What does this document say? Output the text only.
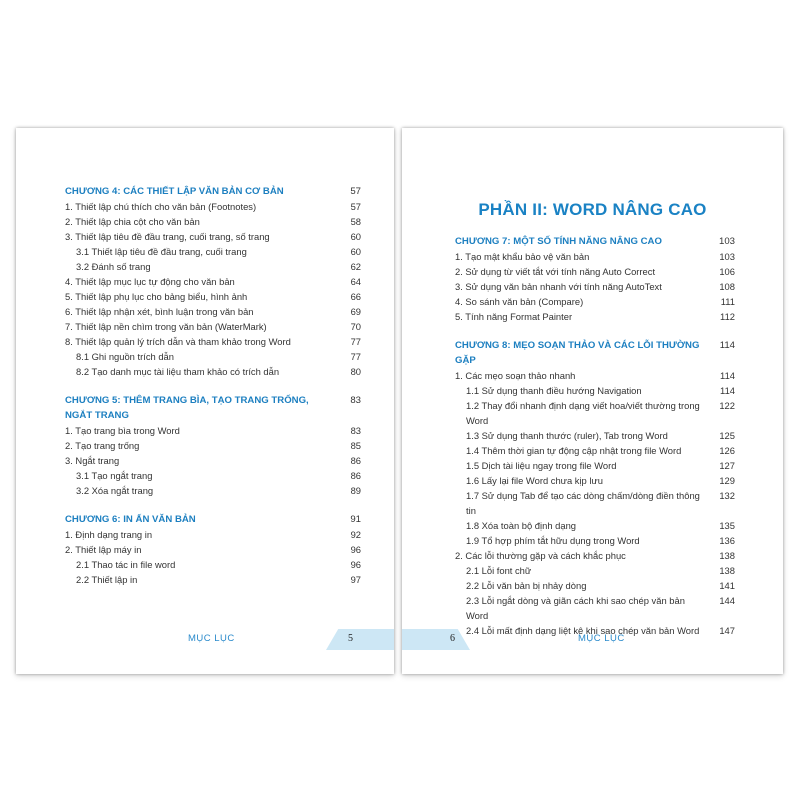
CHƯƠNG 4: CÁC THIẾT LẬP VĂN BẢN CƠ BẢN	57
1. Thiết lập chú thích cho văn bản (Footnotes)	57
2. Thiết lập chia cột cho văn bản	58
3. Thiết lập tiêu đề đầu trang, cuối trang, số trang	60
3.1 Thiết lập tiêu đề đầu trang, cuối trang	60
3.2 Đánh số trang	62
4. Thiết lập mục lục tự động cho văn bản	64
5. Thiết lập phụ lục cho bảng biểu, hình ảnh	66
6. Thiết lập nhận xét, bình luận trong văn bản	69
7. Thiết lập nền chìm trong văn bản (WaterMark)	70
8. Thiết lập quản lý trích dẫn và tham khảo trong Word	77
8.1 Ghi nguồn trích dẫn	77
8.2 Tạo danh mục tài liệu tham khảo có trích dẫn	80
CHƯƠNG 5: THÊM TRANG BÌA, TẠO TRANG TRỐNG, NGẮT TRANG
83
1. Tạo trang bìa trong Word	83
2. Tạo trang trống	85
3. Ngắt trang	86
3.1 Tạo ngắt trang	86
3.2 Xóa ngắt trang	89
CHƯƠNG 6: IN ẤN VĂN BẢN	91
1. Định dạng trang in	92
2. Thiết lập máy in	96
2.1 Thao tác in file word	96
2.2 Thiết lập in	97
MỤC LỤC	5
PHẦN II: WORD NÂNG CAO
CHƯƠNG 7: MỘT SỐ TÍNH NĂNG NÂNG CAO	103
1. Tạo mật khẩu bảo vệ văn bản	103
2. Sử dụng từ viết tắt với tính năng Auto Correct	106
3. Sử dụng văn bản nhanh với tính năng AutoText	108
4. So sánh văn bản (Compare)	111
5. Tính năng Format Painter	112
CHƯƠNG 8: MẸO SOẠN THẢO VÀ CÁC LỖI THƯỜNG GẶP
114
1. Các mẹo soạn thảo nhanh	114
1.1 Sử dụng thanh điều hướng Navigation	114
1.2 Thay đổi nhanh định dạng viết hoa/viết thường trong Word
122
1.3 Sử dụng thanh thước (ruler), Tab trong Word	125
1.4 Thêm thời gian tự động cập nhật trong file Word	126
1.5 Dịch tài liệu ngay trong file Word	127
1.6 Lấy lại file Word chưa kịp lưu	129
1.7 Sử dụng Tab để tạo các dòng chấm/dòng điền thông tin
132
1.8 Xóa toàn bộ định dạng	135
1.9 Tổ hợp phím tắt hữu dụng trong Word	136
2. Các lỗi thường gặp và cách khắc phục	138
2.1 Lỗi font chữ	138
2.2 Lỗi văn bản bị nhảy dòng	141
2.3 Lỗi ngắt dòng và giãn cách khi sao chép văn bản Word
144
2.4 Lỗi mất định dạng liệt kê khi sao chép văn bản Word	147
MỤC LỤC
6
